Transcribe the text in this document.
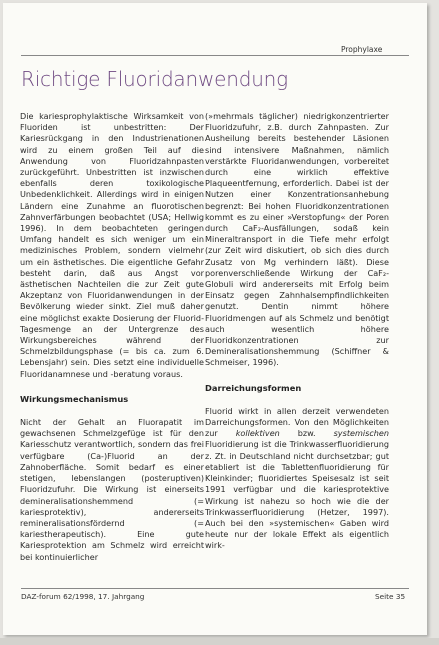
Prophylaxe
Richtige Fluoridanwendung

Die kariesprophylaktische Wirksamkeit von Fluoriden ist unbestritten: Der Kariesrückgang in den Industrienationen wird zu einem großen Teil auf die Anwendung von Fluoridzahnpasten zurückgeführt. Unbestritten ist inzwischen ebenfalls deren toxikologische Unbedenklichkeit. Allerdings wird in einigen Ländern eine Zunahme an fluorotischen Zahnverfärbungen beobachtet (USA; Hellwig 1996). In dem beobachteten geringen Umfang handelt es sich weniger um ein medizinisches Problem, sondern vielmehr um ein ästhetisches. Die eigentliche Gefahr besteht darin, daß aus Angst vor ästhetischen Nachteilen die zur Zeit gute Akzeptanz von Fluoridanwendungen in der Bevölkerung wieder sinkt. Ziel muß daher eine möglichst exakte Dosierung der Fluorid-Tagesmenge an der Untergrenze des Wirkungsbereiches während der Schmelzbildungsphase (= bis ca. zum 6. Lebensjahr) sein. Dies setzt eine individuelle Fluoridanamnese und -beratung voraus.

Wirkungsmechanismus

Nicht der Gehalt an Fluorapatit im gewachsenen Schmelzgefüge ist für den Kariesschutz verantwortlich, sondern das frei verfügbare (Ca-)Fluorid an der Zahnoberfläche. Somit bedarf es einer stetigen, lebenslangen (posteruptiven) Fluoridzufuhr. Die Wirkung ist einerseits demineralisationshemmend (= kariesprotektiv), andererseits remineralisationsfördernd (= kariestherapeutisch). Eine gute Kariesprotektion am Schmelz wird erreicht bei kontinuierlicher

(»mehrmals täglicher) niedrigkonzentrierter Fluoridzufuhr, z.B. durch Zahnpasten. Zur Ausheilung bereits bestehender Läsionen sind intensivere Maßnahmen, nämlich verstärkte Fluoridanwendungen, vorbereitet durch eine wirklich effektive Plaqueentfernung, erforderlich. Dabei ist der Nutzen einer Konzentrationsanhebung begrenzt: Bei hohen Fluoridkonzentrationen kommt es zu einer »Verstopfung« der Poren durch CaF₂-Ausfällungen, sodaß kein Mineraltransport in die Tiefe mehr erfolgt (zur Zeit wird diskutiert, ob sich dies durch Zusatz von Mg verhindern läßt). Diese porenverschließende Wirkung der CaF₂-Globuli wird andererseits mit Erfolg beim Einsatz gegen Zahnhalsempfindlichkeiten genutzt. Dentin nimmt höhere Fluoridmengen auf als Schmelz und benötigt auch wesentlich höhere Fluoridkonzentrationen zur Demineralisationshemmung (Schiffner & Schmeiser, 1996).

Darreichungsformen

Fluorid wirkt in allen derzeit verwendeten Darreichungsformen. Von den Möglichkeiten zur kollektiven bzw. systemischen Fluoridierung ist die Trinkwasserfluoridierung z. Zt. in Deutschland nicht durchsetzbar; gut etabliert ist die Tablettenfluoridierung für Kleinkinder; fluoridiertes Speisesalz ist seit 1991 verfügbar und die kariesprotektive Wirkung ist nahezu so hoch wie die der Trinkwasserfluoridierung (Hetzer, 1997). Auch bei den »systemischen« Gaben wird heute nur der lokale Effekt als eigentlich wirk-

DAZ-forum 62/1998, 17. Jahrgang	Seite 35
